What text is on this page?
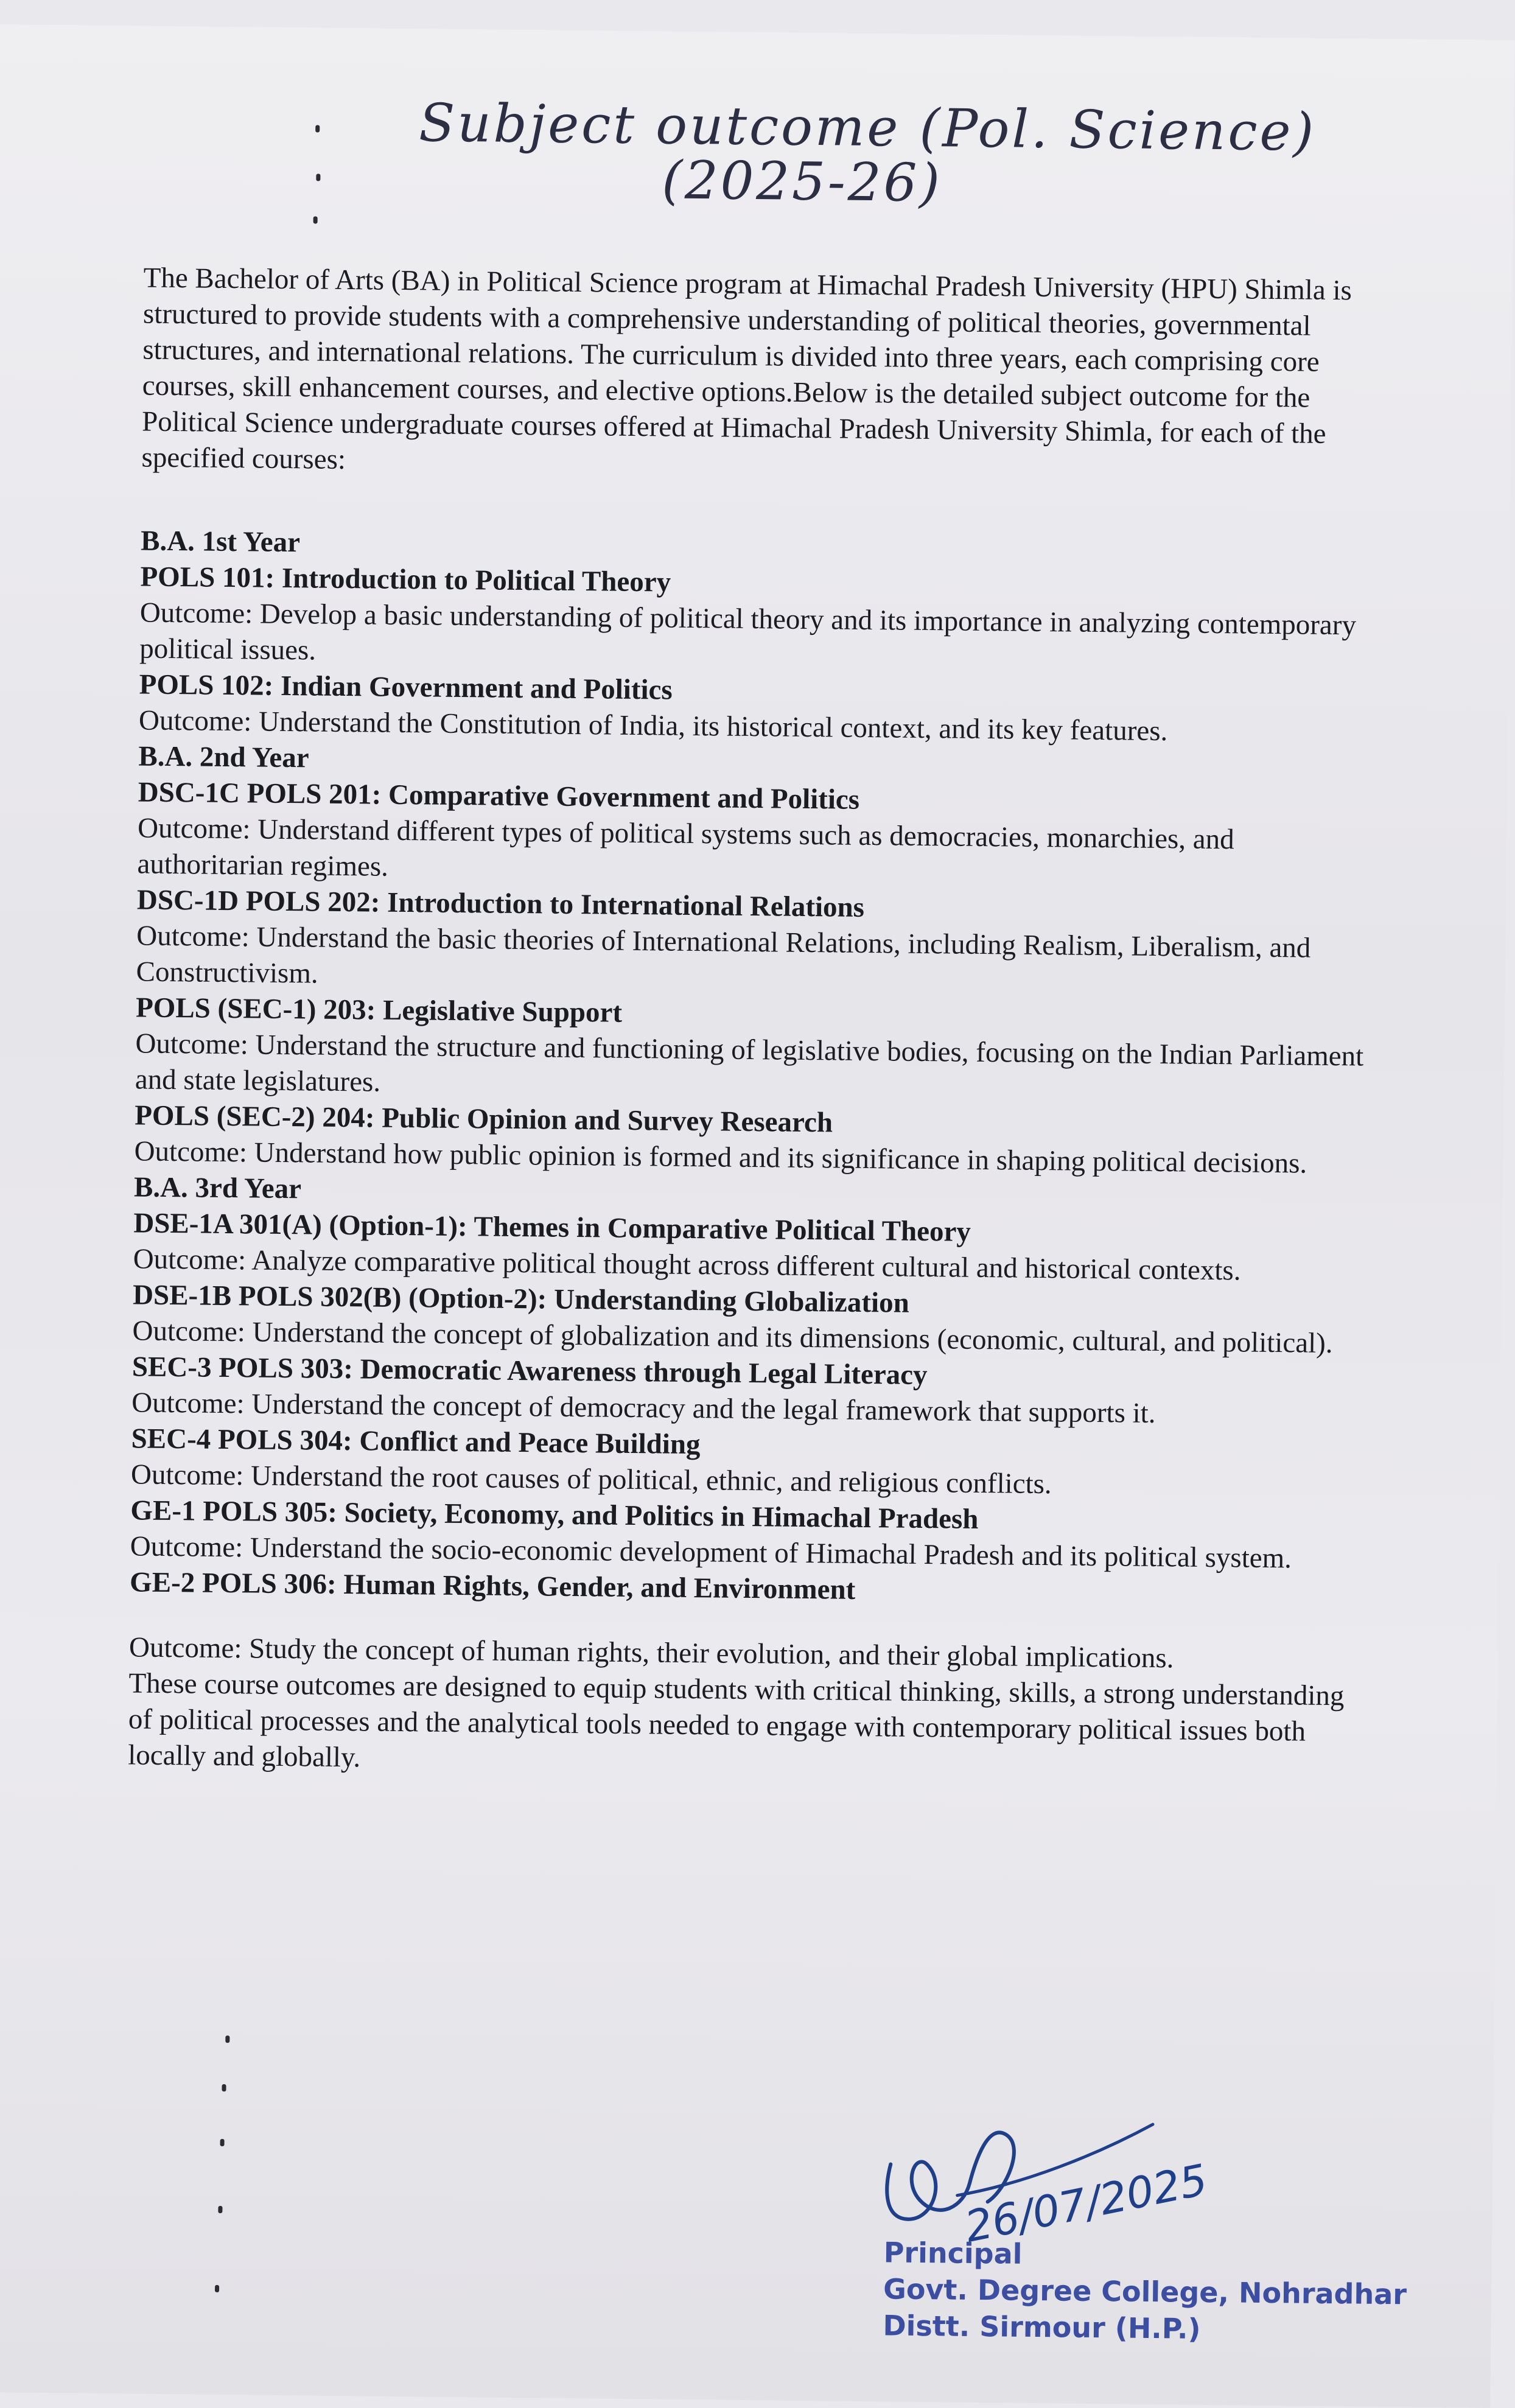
Subject outcome (Pol. Science)
(2025-26)

The Bachelor of Arts (BA) in Political Science program at Himachal Pradesh University (HPU) Shimla is structured to provide students with a comprehensive understanding of political theories, governmental structures, and international relations. The curriculum is divided into three years, each comprising core courses, skill enhancement courses, and elective options.Below is the detailed subject outcome for the Political Science undergraduate courses offered at Himachal Pradesh University Shimla, for each of the specified courses:

B.A. 1st Year

POLS 101: Introduction to Political Theory

Outcome: Develop a basic understanding of political theory and its importance in analyzing contemporary political issues.

POLS 102: Indian Government and Politics

Outcome: Understand the Constitution of India, its historical context, and its key features.

B.A. 2nd Year

DSC-1C POLS 201: Comparative Government and Politics

Outcome: Understand different types of political systems such as democracies, monarchies, and authoritarian regimes.

DSC-1D POLS 202: Introduction to International Relations

Outcome: Understand the basic theories of International Relations, including Realism, Liberalism, and Constructivism.

POLS (SEC-1) 203: Legislative Support

Outcome: Understand the structure and functioning of legislative bodies, focusing on the Indian Parliament and state legislatures.

POLS (SEC-2) 204: Public Opinion and Survey Research

Outcome: Understand how public opinion is formed and its significance in shaping political decisions.

B.A. 3rd Year

DSE-1A 301(A) (Option-1): Themes in Comparative Political Theory

Outcome: Analyze comparative political thought across different cultural and historical contexts.

DSE-1B POLS 302(B) (Option-2): Understanding Globalization

Outcome: Understand the concept of globalization and its dimensions (economic, cultural, and political).

SEC-3 POLS 303: Democratic Awareness through Legal Literacy

Outcome: Understand the concept of democracy and the legal framework that supports it.

SEC-4 POLS 304: Conflict and Peace Building

Outcome: Understand the root causes of political, ethnic, and religious conflicts.

GE-1 POLS 305: Society, Economy, and Politics in Himachal Pradesh

Outcome: Understand the socio-economic development of Himachal Pradesh and its political system.

GE-2 POLS 306: Human Rights, Gender, and Environment

Outcome: Study the concept of human rights, their evolution, and their global implications.

These course outcomes are designed to equip students with critical thinking, skills, a strong understanding of political processes and the analytical tools needed to engage with contemporary political issues both locally and globally.

26/07/2025
Principal
Govt. Degree College, Nohradhar
Distt. Sirmour (H.P.)
